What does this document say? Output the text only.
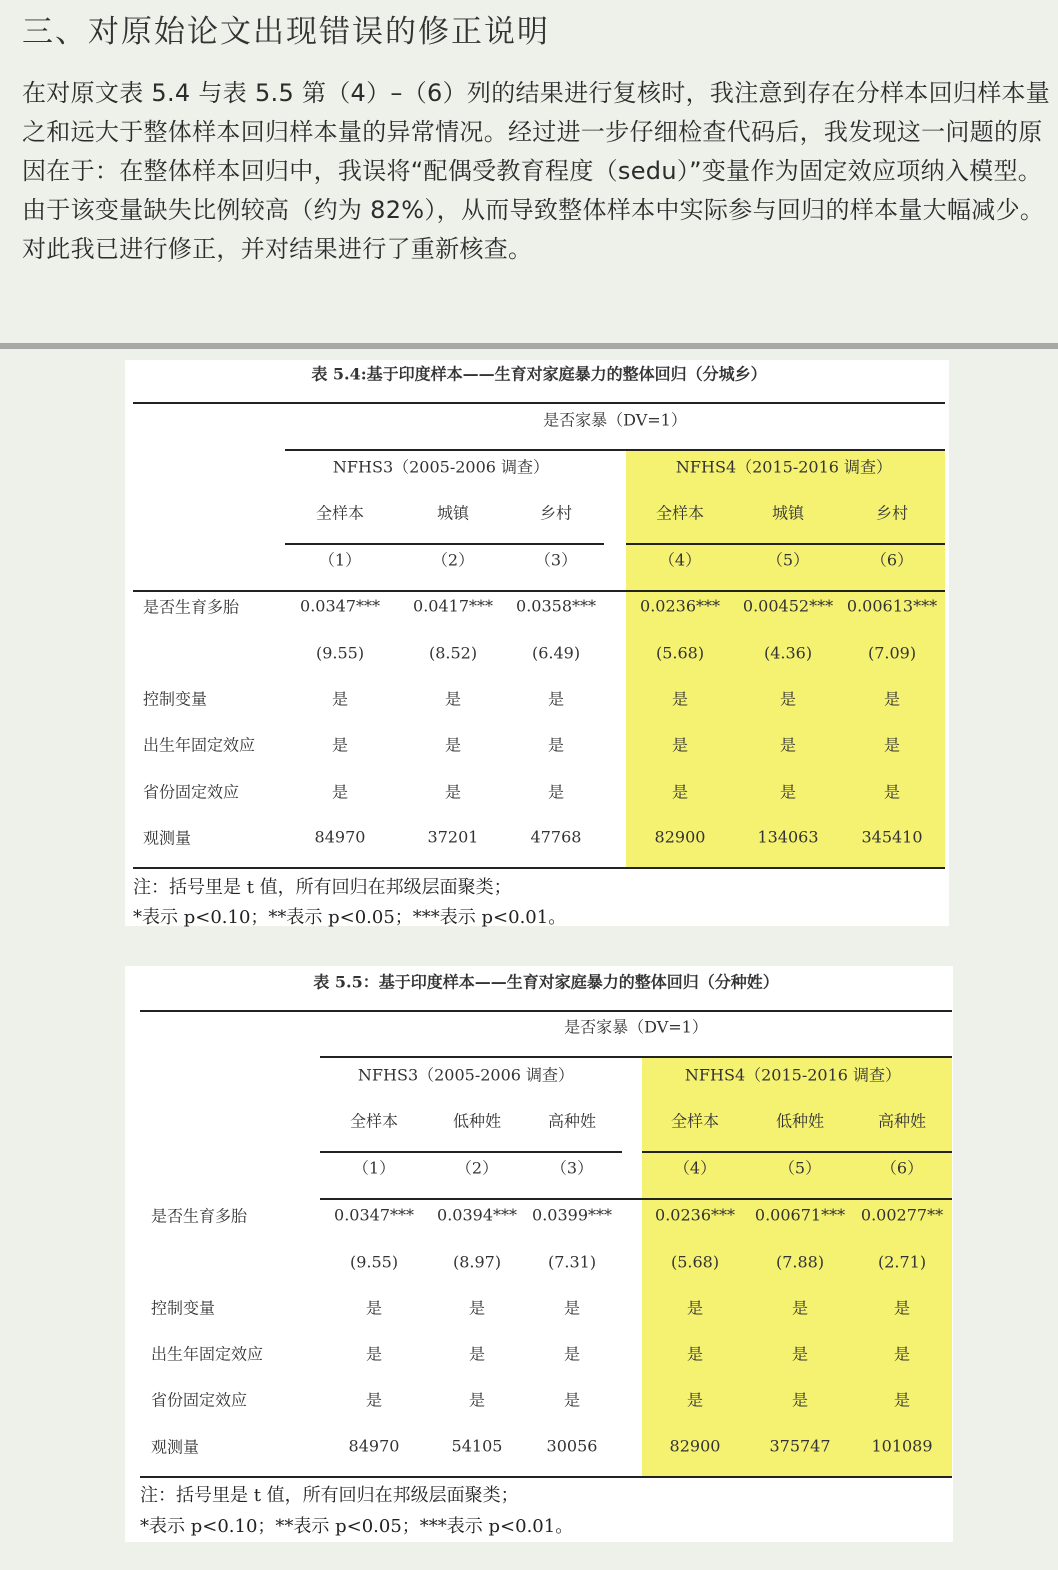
三、对原始论文出现错误的修正说明
在对原文表 5.4 与表 5.5 第（4）–（6）列的结果进行复核时，我注意到存在分样本回归样本量之和远大于整体样本回归样本量的异常情况。经过进一步仔细检查代码后，我发现这一问题的原因在于：在整体样本回归中，我误将“配偶受教育程度（sedu）”变量作为固定效应项纳入模型。由于该变量缺失比例较高（约为 82%），从而导致整体样本中实际参与回归的样本量大幅减少。对此我已进行修正，并对结果进行了重新核查。
表 5.4:基于印度样本——生育对家庭暴力的整体回归（分城乡）
是否家暴（DV=1）
NFHS3（2005-2006 调查）	NFHS4（2015-2016 调查）
全样本	城镇	乡村	全样本	城镇	乡村
（1）	（2）	（3）	（4）	（5）	（6）
是否生育多胎	0.0347*** 0.0417*** 0.0358***	0.0236*** 0.00452*** 0.00613***
(9.55)	(8.52)	(6.49)	(5.68)	(4.36)	(7.09)
控制变量	是	是	是	是	是	是
出生年固定效应	是	是	是	是	是	是
省份固定效应	是	是	是	是	是	是
观测量	84970	37201	47768	82900	134063	345410
注：括号里是 t 值，所有回归在邦级层面聚类；
*表示 p<0.10；**表示 p<0.05；***表示 p<0.01。
表 5.5：基于印度样本——生育对家庭暴力的整体回归（分种姓）
是否家暴（DV=1）
NFHS3（2005-2006 调查）	NFHS4（2015-2016 调查）
全样本	低种姓	高种姓	全样本	低种姓	高种姓
（1）	（2）	（3）	（4）	（5）	（6）
是否生育多胎	0.0347*** 0.0394*** 0.0399***	0.0236*** 0.00671*** 0.00277**
(9.55)	(8.97)	(7.31)	(5.68)	(7.88)	(2.71)
控制变量	是	是	是	是	是	是
出生年固定效应	是	是	是	是	是	是
省份固定效应	是	是	是	是	是	是
观测量	84970	54105	30056	82900	375747	101089
注：括号里是 t 值，所有回归在邦级层面聚类；
*表示 p<0.10；**表示 p<0.05；***表示 p<0.01。
